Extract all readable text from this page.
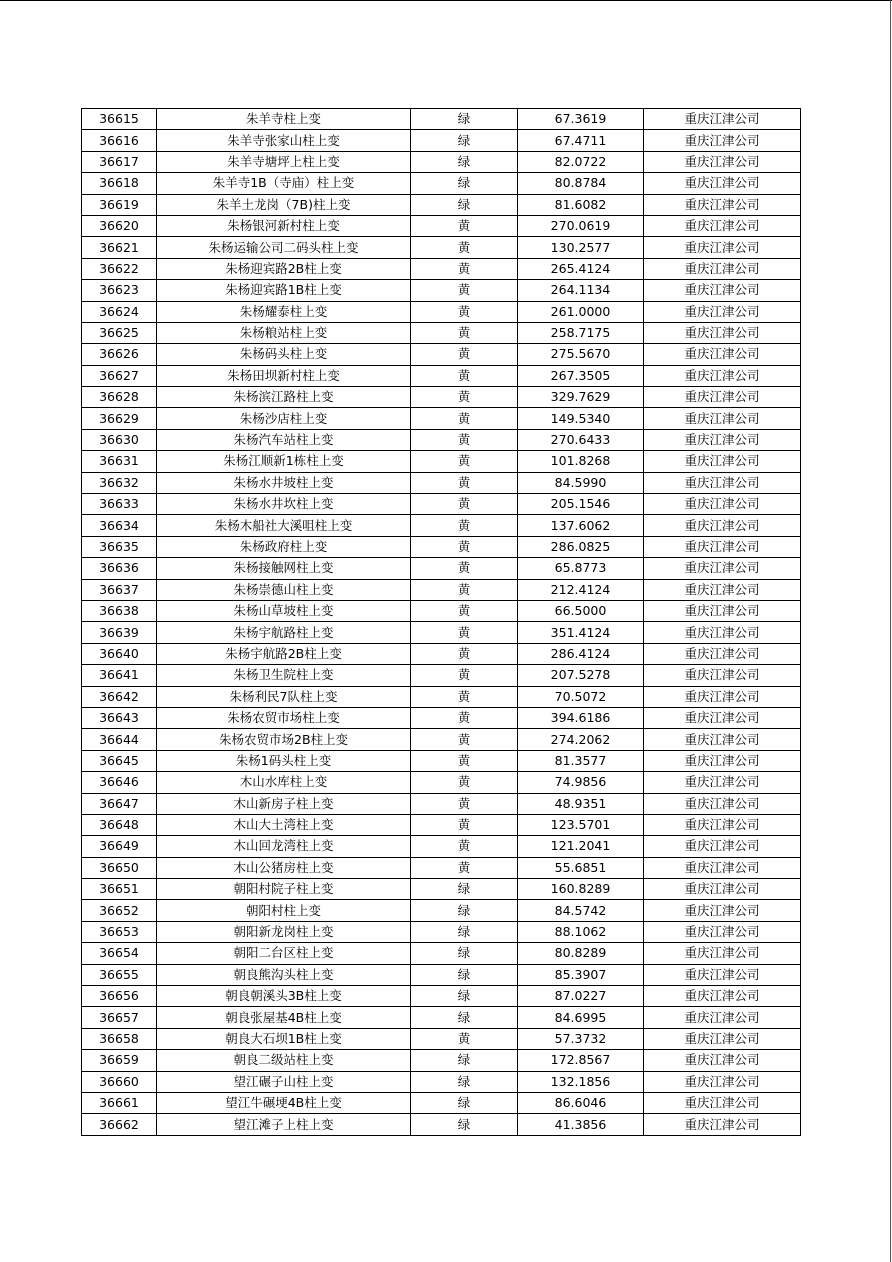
36615	朱羊寺柱上变	绿	67.3619	重庆江津公司
36616	朱羊寺张家山柱上变	绿	67.4711	重庆江津公司
36617	朱羊寺塘坪上柱上变	绿	82.0722	重庆江津公司
36618	朱羊寺1B（寺庙）柱上变	绿	80.8784	重庆江津公司
36619	朱羊土龙岗（7B)柱上变	绿	81.6082	重庆江津公司
36620	朱杨银河新村柱上变	黄	270.0619	重庆江津公司
36621	朱杨运输公司二码头柱上变	黄	130.2577	重庆江津公司
36622	朱杨迎宾路2B柱上变	黄	265.4124	重庆江津公司
36623	朱杨迎宾路1B柱上变	黄	264.1134	重庆江津公司
36624	朱杨耀泰柱上变	黄	261.0000	重庆江津公司
36625	朱杨粮站柱上变	黄	258.7175	重庆江津公司
36626	朱杨码头柱上变	黄	275.5670	重庆江津公司
36627	朱杨田坝新村柱上变	黄	267.3505	重庆江津公司
36628	朱杨滨江路柱上变	黄	329.7629	重庆江津公司
36629	朱杨沙店柱上变	黄	149.5340	重庆江津公司
36630	朱杨汽车站柱上变	黄	270.6433	重庆江津公司
36631	朱杨江顺新1栋柱上变	黄	101.8268	重庆江津公司
36632	朱杨水井坡柱上变	黄	84.5990	重庆江津公司
36633	朱杨水井坎柱上变	黄	205.1546	重庆江津公司
36634	朱杨木船社大溪咀柱上变	黄	137.6062	重庆江津公司
36635	朱杨政府柱上变	黄	286.0825	重庆江津公司
36636	朱杨接触网柱上变	黄	65.8773	重庆江津公司
36637	朱杨崇德山柱上变	黄	212.4124	重庆江津公司
36638	朱杨山草坡柱上变	黄	66.5000	重庆江津公司
36639	朱杨宇航路柱上变	黄	351.4124	重庆江津公司
36640	朱杨宇航路2B柱上变	黄	286.4124	重庆江津公司
36641	朱杨卫生院柱上变	黄	207.5278	重庆江津公司
36642	朱杨利民7队柱上变	黄	70.5072	重庆江津公司
36643	朱杨农贸市场柱上变	黄	394.6186	重庆江津公司
36644	朱杨农贸市场2B柱上变	黄	274.2062	重庆江津公司
36645	朱杨1码头柱上变	黄	81.3577	重庆江津公司
36646	木山水库柱上变	黄	74.9856	重庆江津公司
36647	木山新房子柱上变	黄	48.9351	重庆江津公司
36648	木山大土湾柱上变	黄	123.5701	重庆江津公司
36649	木山回龙湾柱上变	黄	121.2041	重庆江津公司
36650	木山公猪房柱上变	黄	55.6851	重庆江津公司
36651	朝阳村院子柱上变	绿	160.8289	重庆江津公司
36652	朝阳村柱上变	绿	84.5742	重庆江津公司
36653	朝阳新龙岗柱上变	绿	88.1062	重庆江津公司
36654	朝阳二台区柱上变	绿	80.8289	重庆江津公司
36655	朝良熊沟头柱上变	绿	85.3907	重庆江津公司
36656	朝良朝溪头3B柱上变	绿	87.0227	重庆江津公司
36657	朝良张屋基4B柱上变	绿	84.6995	重庆江津公司
36658	朝良大石坝1B柱上变	黄	57.3732	重庆江津公司
36659	朝良二级站柱上变	绿	172.8567	重庆江津公司
36660	望江碾子山柱上变	绿	132.1856	重庆江津公司
36661	望江牛碾埂4B柱上变	绿	86.6046	重庆江津公司
36662	望江滩子上柱上变	绿	41.3856	重庆江津公司
